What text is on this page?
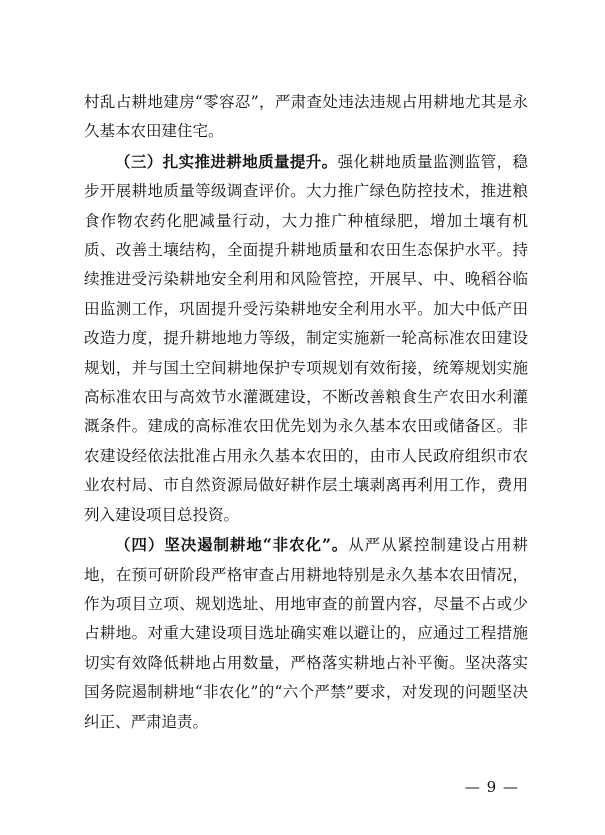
村乱占耕地建房“零容忍”，严肃查处违法违规占用耕地尤其是永久基本农田建住宅。

（三）扎实推进耕地质量提升。强化耕地质量监测监管，稳步开展耕地质量等级调查评价。大力推广绿色防控技术，推进粮食作物农药化肥减量行动，大力推广种植绿肥，增加土壤有机质、改善土壤结构，全面提升耕地质量和农田生态保护水平。持续推进受污染耕地安全利用和风险管控，开展早、中、晚稻谷临田监测工作，巩固提升受污染耕地安全利用水平。加大中低产田改造力度，提升耕地地力等级，制定实施新一轮高标准农田建设规划，并与国土空间耕地保护专项规划有效衔接，统筹规划实施高标准农田与高效节水灌溉建设，不断改善粮食生产农田水利灌溉条件。建成的高标准农田优先划为永久基本农田或储备区。非农建设经依法批准占用永久基本农田的，由市人民政府组织市农业农村局、市自然资源局做好耕作层土壤剥离再利用工作，费用列入建设项目总投资。

（四）坚决遏制耕地“非农化”。从严从紧控制建设占用耕地，在预可研阶段严格审查占用耕地特别是永久基本农田情况，作为项目立项、规划选址、用地审查的前置内容，尽量不占或少占耕地。对重大建设项目选址确实难以避让的，应通过工程措施切实有效降低耕地占用数量，严格落实耕地占补平衡。坚决落实国务院遏制耕地“非农化”的“六个严禁”要求，对发现的问题坚决纠正、严肃追责。

— 9 —
